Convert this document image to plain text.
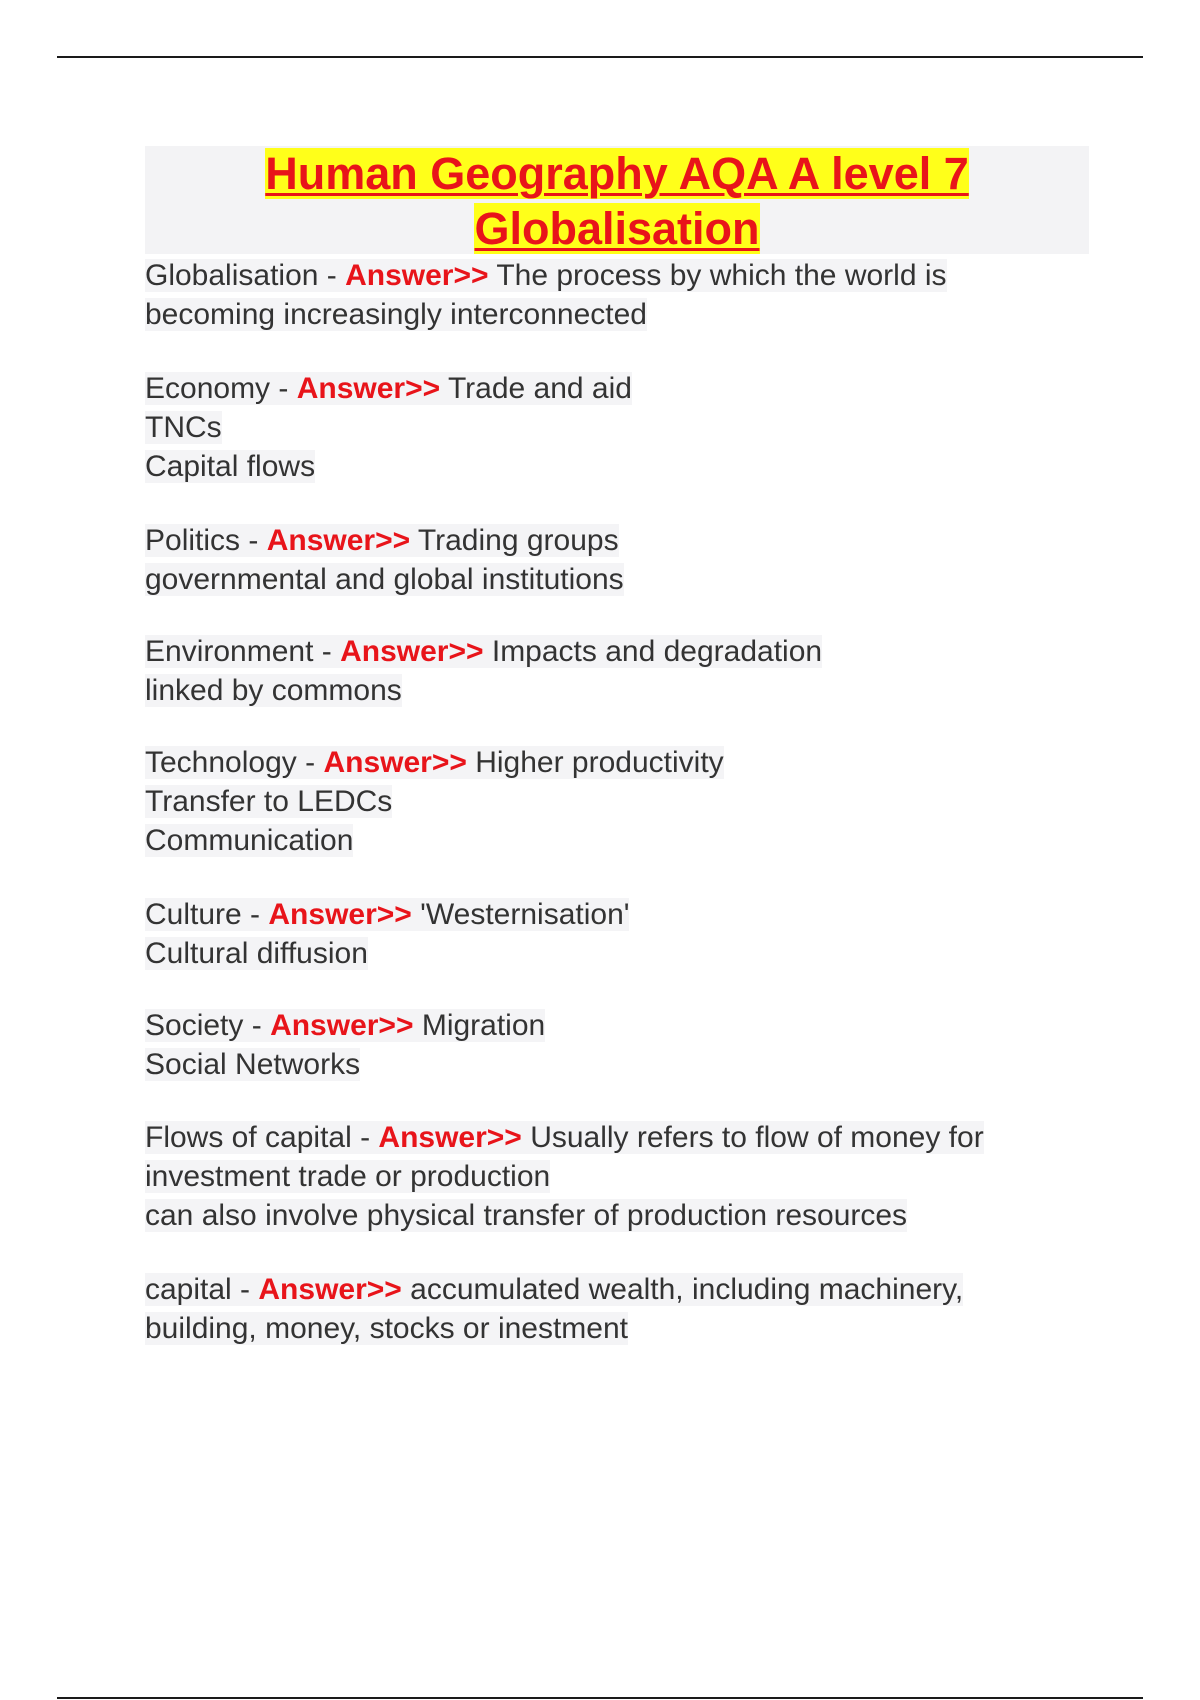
Human Geography AQA A level 7
Globalisation
Globalisation - Answer>> The process by which the world is
becoming increasingly interconnected
Economy - Answer>> Trade and aid
TNCs
Capital flows
Politics - Answer>> Trading groups
governmental and global institutions
Environment - Answer>> Impacts and degradation
linked by commons
Technology - Answer>> Higher productivity
Transfer to LEDCs
Communication
Culture - Answer>> 'Westernisation'
Cultural diffusion
Society - Answer>> Migration
Social Networks
Flows of capital - Answer>> Usually refers to flow of money for
investment trade or production
can also involve physical transfer of production resources
capital - Answer>> accumulated wealth, including machinery,
building, money, stocks or inestment
